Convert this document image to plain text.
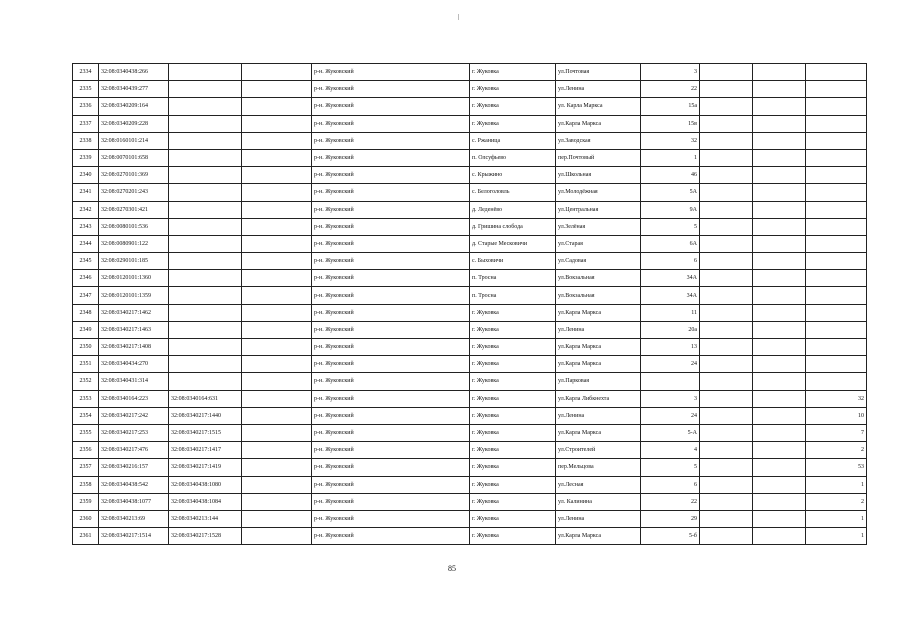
2334	32:08:0340438:266			р-н. Жуковский	г. Жуковка	ул.Почтовая	3			
2335	32:08:0340439:277			р-н. Жуковский	г. Жуковка	ул.Ленина	22			
2336	32:08:0340209:164			р-н. Жуковский	г. Жуковка	ул. Карла Маркса	15а			
2337	32:08:0340209:228			р-н. Жуковский	г. Жуковка	ул.Карла Маркса	15в			
2338	32:08:0160101:214			р-н. Жуковский	с. Ржаница	ул.Заводская	32			
2339	32:08:0070101:658			р-н. Жуковский	п. Олсуфьево	пер.Почтовый	1			
2340	32:08:0270101:369			р-н. Жуковский	с. Крыжино	ул.Школьная	46			
2341	32:08:0270201:243			р-н. Жуковский	с. Белоголовль	ул.Молодёжная	5А			
2342	32:08:0270301:421			р-н. Жуковский	д. Леденёво	ул.Центральная	9А			
2343	32:08:0080101:536			р-н. Жуковский	д. Гришина слобода	ул.Зелёная	5			
2344	32:08:0080901:122			р-н. Жуковский	д. Старые Месковичи	ул.Старая	6А			
2345	32:08:0290101:185			р-н. Жуковский	с. Быховичи	ул.Садовая	6			
2346	32:08:0120101:1360			р-н. Жуковский	п. Тросна	ул.Вокзальная	34А			
2347	32:08:0120101:1359			р-н. Жуковский	п. Тросна	ул.Вокзальная	34А			
2348	32:08:0340217:1462			р-н. Жуковский	г. Жуковка	ул.Карла Маркса	11			
2349	32:08:0340217:1463			р-н. Жуковский	г. Жуковка	ул.Ленина	20а			
2350	32:08:0340217:1408			р-н. Жуковский	г. Жуковка	ул.Карла Маркса	13			
2351	32:08:0340434:270			р-н. Жуковский	г. Жуковка	ул.Карла Маркса	24			
2352	32:08:0340431:314			р-н. Жуковский	г. Жуковка	ул.Парковая				
2353	32:08:0340164:223	32:08:0340164:631		р-н. Жуковский	г. Жуковка	ул.Карла Либкнехта	3			32
2354	32:08:0340217:242	32:08:0340217:1440		р-н. Жуковский	г. Жуковка	ул.Ленина	24			10
2355	32:08:0340217:253	32:08:0340217:1515		р-н. Жуковский	г. Жуковка	ул.Карла Маркса	5-А			7
2356	32:08:0340217:476	32:08:0340217:1417		р-н. Жуковский	г. Жуковка	ул.Строителей	4			2
2357	32:08:0340216:157	32:08:0340217:1419		р-н. Жуковский	г. Жуковка	пер.Мельцова	5			53
2358	32:08:0340438:542	32:08:0340438:1080		р-н. Жуковский	г. Жуковка	ул.Лесная	6			1
2359	32:08:0340438:1077	32:08:0340438:1084		р-н. Жуковский	г. Жуковка	ул. Калинина	22			2
2360	32:08:0340213:69	32:08:0340213:144		р-н. Жуковский	г. Жуковка	ул.Ленина	29			1
2361	32:08:0340217:1514	32:08:0340217:1528		р-н. Жуковский	г. Жуковка	ул.Карла Маркса	5-б			1
85
